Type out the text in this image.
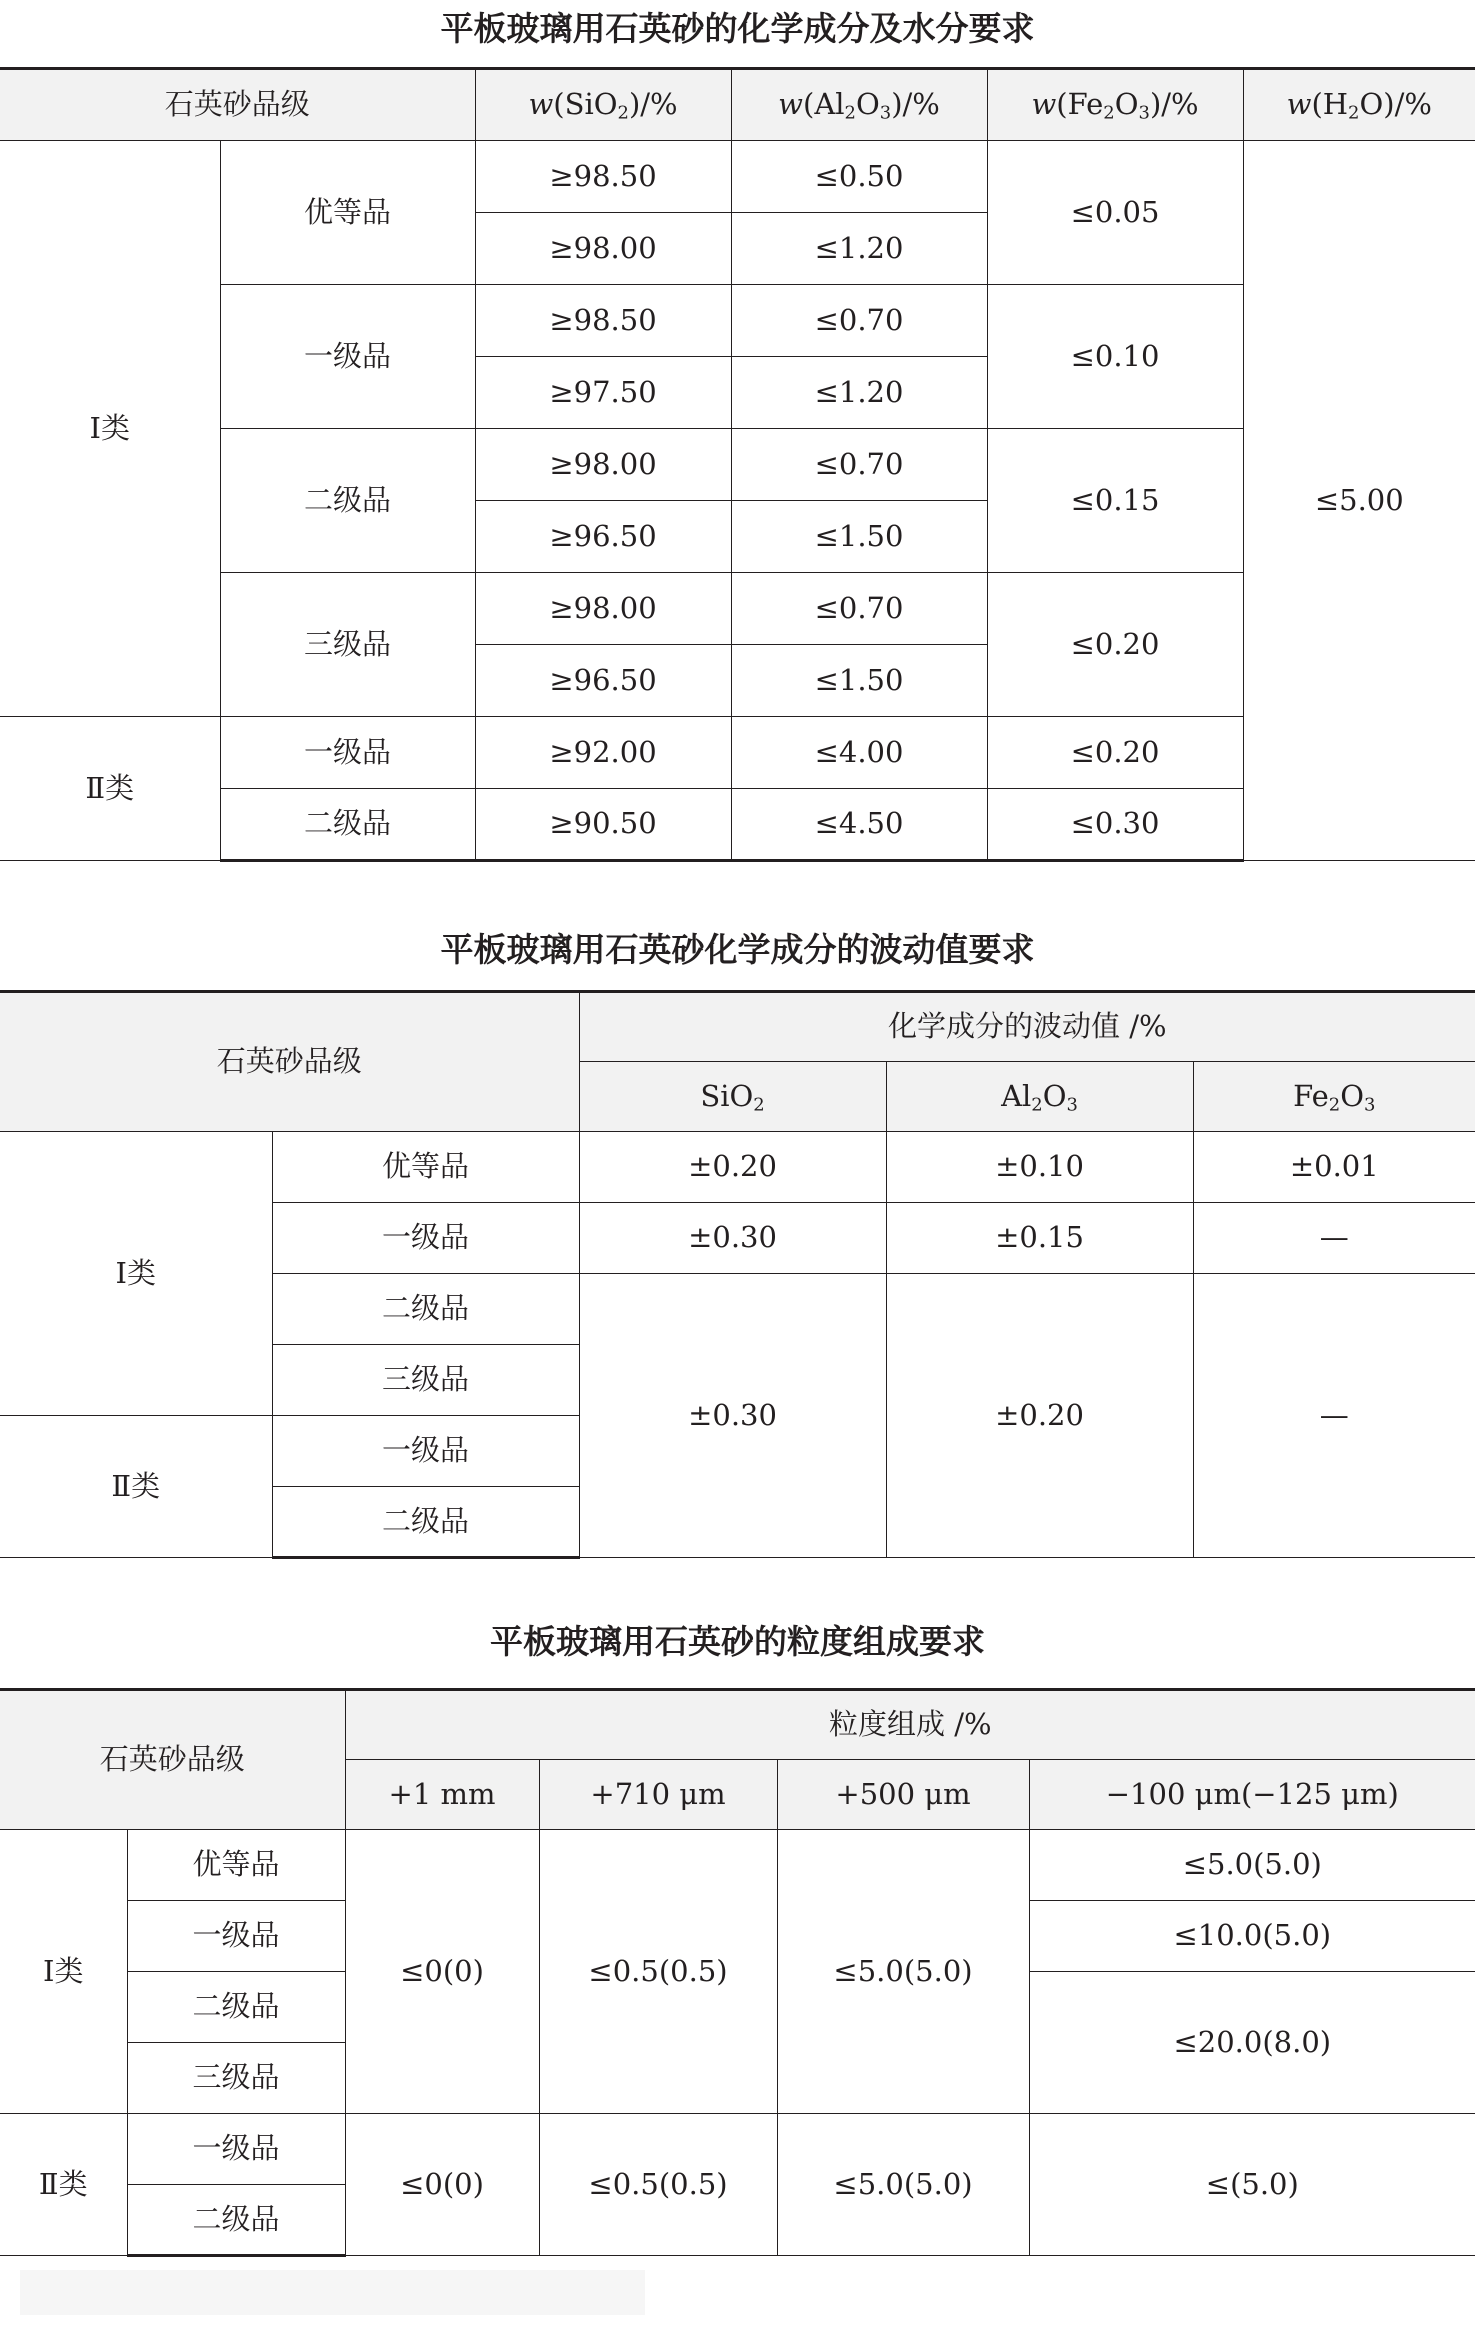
平板玻璃用石英砂的化学成分及水分要求
石英砂品级		w(SiO$_2$)/%	$w(Al_2O_3)/\%$	$w(Fe_2O_3)/\%$	$w(H_2O)/\%$
Ⅰ类	优等品	≥98.50	≤0.50	≤0.05	≤5.00
		≥98.00	≤1.20		
	一级品	≥98.50	≤0.70	≤0.10	
		≥97.50	≤1.20		
	二级品	≥98.00	≤0.70	≤0.15	
		≥96.50	≤1.50		
	三级品	≥98.00	≤0.70	≤0.20	
		≥96.50	≤1.50		
Ⅱ类	一级品	≥92.00	≤4.00	≤0.20	
	二级品	≥90.50	≤4.50	≤0.30	
平板玻璃用石英砂化学成分的波动值要求
石英砂品级		化学成分的波动值 /%		
		SiO$_2$	$Al_2O_3$	$Fe_2O_3$
Ⅰ类	优等品	±0.20	±0.10	±0.01
	一级品	±0.30	±0.15	—
	二级品	±0.30	±0.20	—
	三级品			
Ⅱ类	一级品			
	二级品			
平板玻璃用石英砂的粒度组成要求
石英砂品级		粒度组成 /%			
		+1 mm	+710 μm	+500 μm	−100 μm(−125 μm)
Ⅰ类	优等品	≤0(0)	≤0.5(0.5)	≤5.0(5.0)	≤5.0(5.0)
	一级品				≤10.0(5.0)
	二级品				≤20.0(8.0)
	三级品				
Ⅱ类	一级品	≤0(0)	≤0.5(0.5)	≤5.0(5.0)	≤(5.0)
	二级品				
